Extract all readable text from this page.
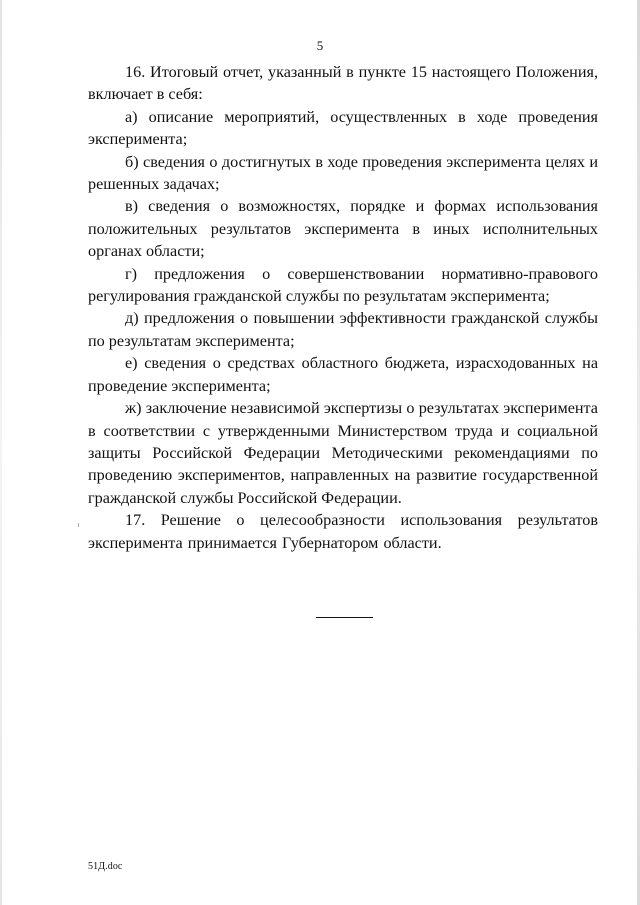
5

16. Итоговый отчет, указанный в пункте 15 настоящего Положения, включает в себя:

а) описание мероприятий, осуществленных в ходе проведения эксперимента;

б) сведения о достигнутых в ходе проведения эксперимента целях и решенных задачах;

в) сведения о возможностях, порядке и формах использования положительных результатов эксперимента в иных исполнительных органах области;

г) предложения о совершенствовании нормативно-правового регулирования гражданской службы по результатам эксперимента;

д) предложения о повышении эффективности гражданской службы по результатам эксперимента;

е) сведения о средствах областного бюджета, израсходованных на проведение эксперимента;

ж) заключение независимой экспертизы о результатах эксперимента в соответствии с утвержденными Министерством труда и социальной защиты Российской Федерации Методическими рекомендациями по проведению экспериментов, направленных на развитие государственной гражданской службы Российской Федерации.

17. Решение о целесообразности использования результатов эксперимента принимается Губернатором области.

51Д.doc
